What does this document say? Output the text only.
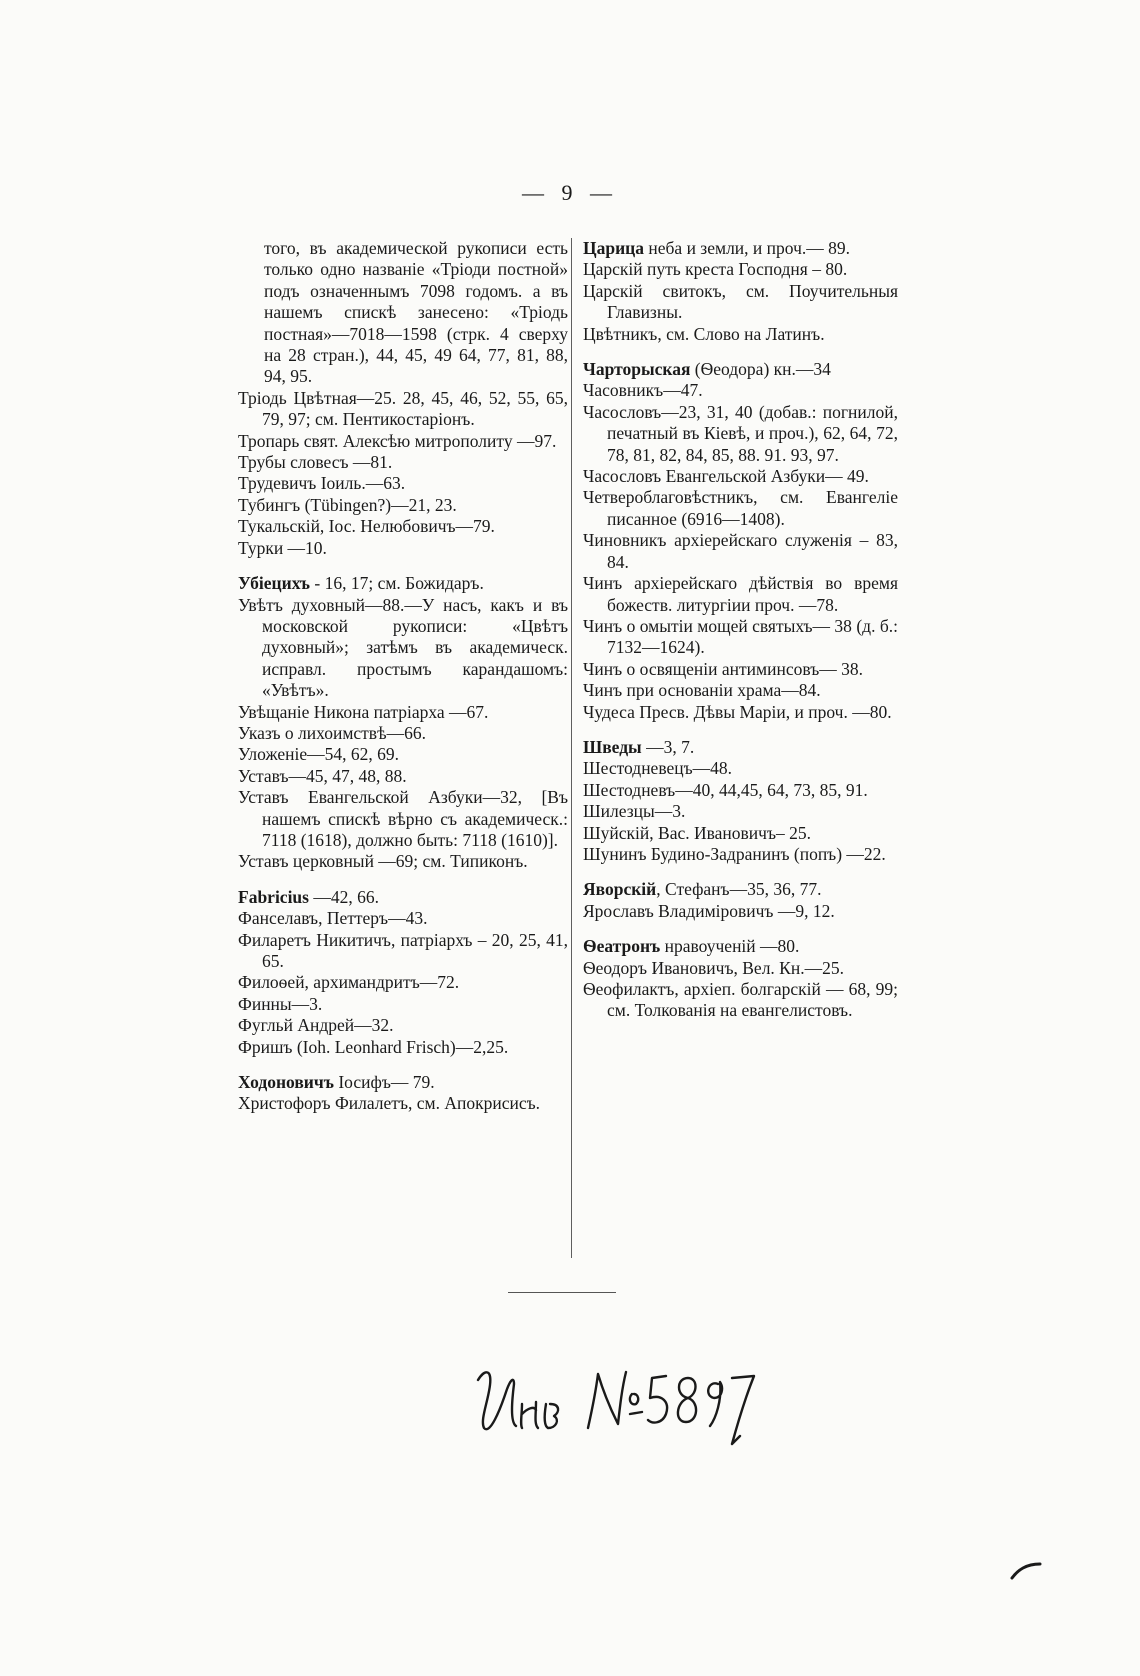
— 9 —

того, въ академической рукописи есть только одно названіе «Тріоди постной» подъ означеннымъ 7098 годомъ. а въ нашемъ спискѣ занесено: «Тріодь постная»—7018—1598 (стрк. 4 сверху на 28 стран.), 44, 45, 49 64, 77, 81, 88, 94, 95.

Тріодь Цвѣтная—25. 28, 45, 46, 52, 55, 65, 79, 97; см. Пентикостаріонъ.

Тропарь свят. Алексѣю митрополиту —97.

Трубы словесъ —81.

Трудевичъ Іоиль.—63.

Тубингъ (Tübingen?)—21, 23.

Тукальскій, Іос. Нелюбовичъ—79.

Турки —10.

Убіецихъ - 16, 17; см. Божидаръ.

Увѣтъ духовный—88.—У насъ, какъ и въ московской рукописи: «Цвѣтъ духовный»; затѣмъ въ академическ. исправл. простымъ карандашомъ: «Увѣтъ».

Увѣщаніе Никона патріарха —67.

Указъ о лихоимствѣ—66.

Уложеніе—54, 62, 69.

Уставъ—45, 47, 48, 88.

Уставъ Евангельской Азбуки—32, [Въ нашемъ спискѣ вѣрно съ академическ.: 7118 (1618), должно быть: 7118 (1610)].

Уставъ церковный —69; см. Типиконъ.

Fabricius —42, 66.

Фанселавъ, Петтеръ—43.

Филаретъ Никитичъ, патріархъ – 20, 25, 41, 65.

Филоѳей, архимандритъ—72.

Финны—3.

Фугльй Андрей—32.

Фришъ (Ioh. Leonhard Frisch)—2,25.

Ходоновичъ Іосифъ— 79.

Христофоръ Филалетъ, см. Апокрисисъ.

Царица неба и земли, и проч.— 89.

Царскій путь креста Господня – 80.

Царскій свитокъ, см. Поучительныя Главизны.

Цвѣтникъ, см. Слово на Латинъ.

Чарторыская (Ѳеодора) кн.—34

Часовникъ—47.

Часословъ—23, 31, 40 (добав.: погнилой, печатный въ Кіевѣ, и проч.), 62, 64, 72, 78, 81, 82, 84, 85, 88. 91. 93, 97.

Часословъ Евангельской Азбуки— 49.

Четвероблаговѣстникъ, см. Евангеліе писанное (6916—1408).

Чиновникъ архіерейскаго служенія – 83, 84.

Чинъ архіерейскаго дѣйствія во время божеств. литургіии проч. —78.

Чинъ о омытіи мощей святыхъ— 38 (д. б.: 7132—1624).

Чинъ о освященіи антиминсовъ— 38.

Чинъ при основаніи храма—84.

Чудеса Пресв. Дѣвы Маріи, и проч. —80.

Шведы —3, 7.

Шестодневецъ—48.

Шестодневъ—40, 44,45, 64, 73, 85, 91.

Шилезцы—3.

Шуйскій, Вас. Ивановичъ– 25.

Шунинъ Будино-Задранинъ (попъ) —22.

Яворскій, Стефанъ—35, 36, 77.

Ярославъ Владиміровичъ —9, 12.

Ѳеатронъ нравоученій —80.

Ѳеодоръ Ивановичъ, Вел. Кн.—25.

Ѳеофилактъ, архіеп. болгарскій — 68, 99; см. Толкованія на евангелистовъ.
